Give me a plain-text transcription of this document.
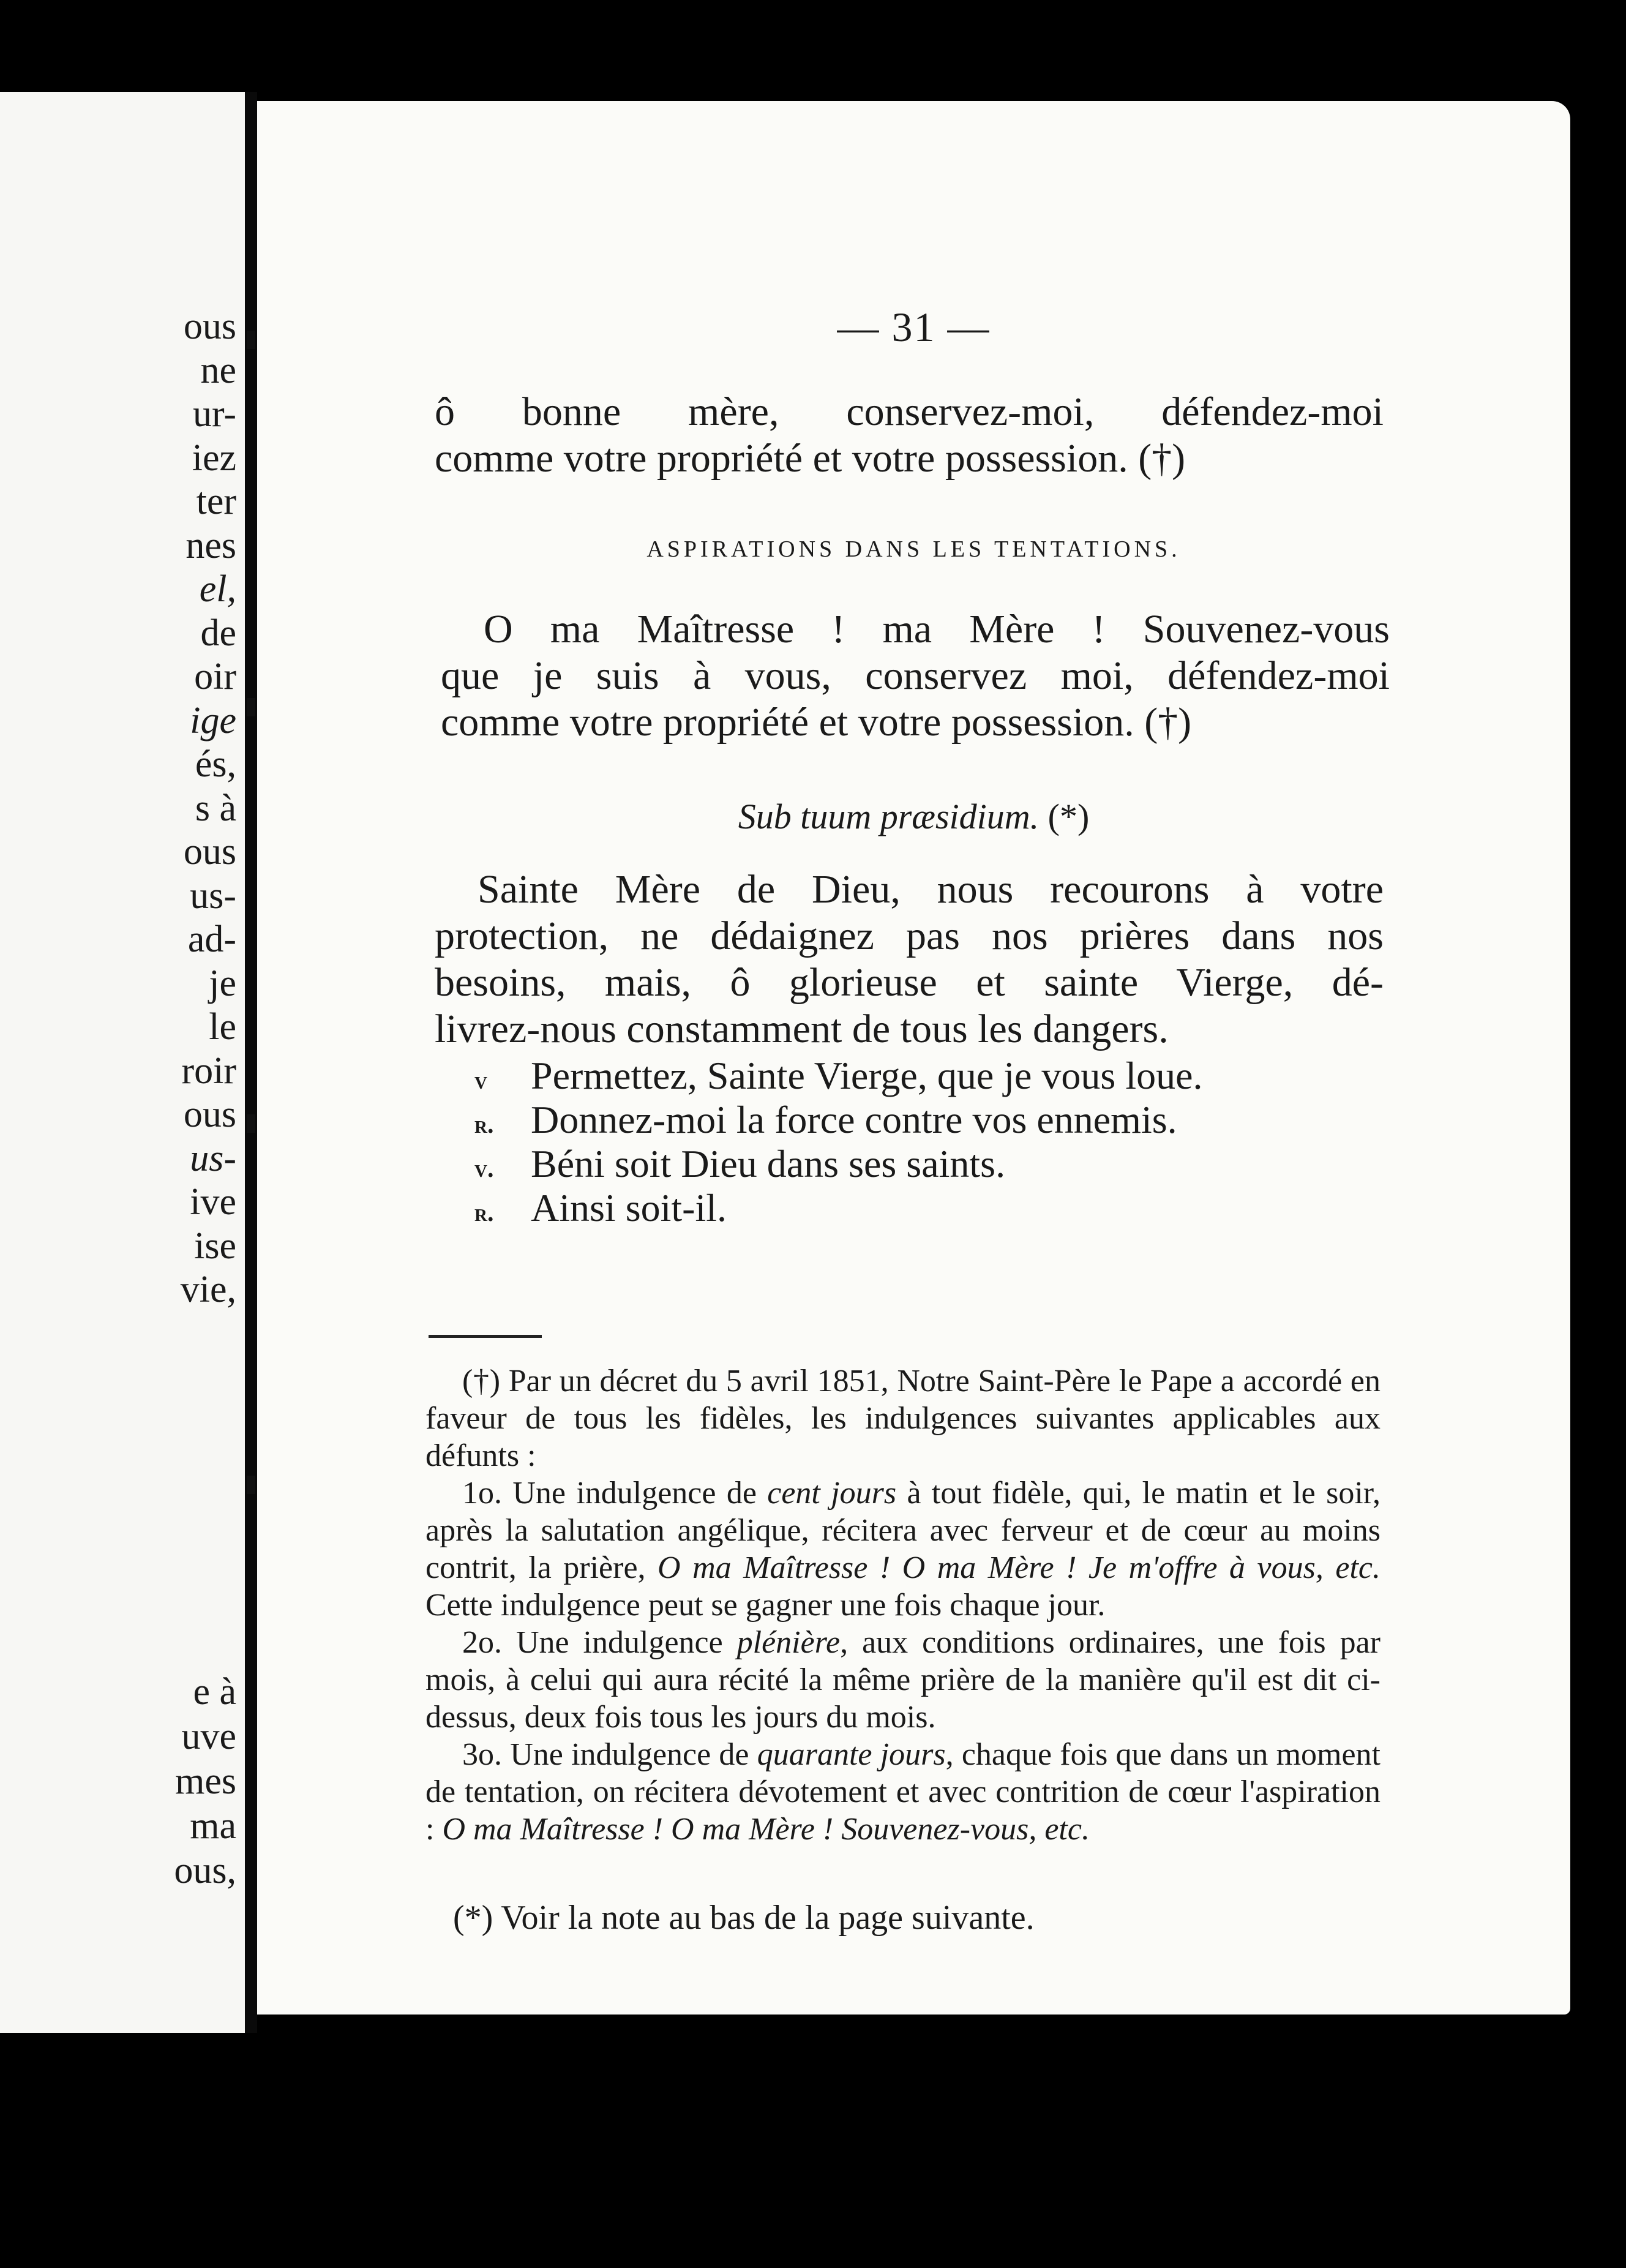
ous
ne
ur-
iez
ter
nes
el,
de
oir
ige
és,
s à
ous
us-
ad-
je
le
roir
ous
us-
ive
ise
vie,
e à
uve
mes
ma
ous,
— 31 —

ô bonne mère, conservez-moi, défendez-moi

comme votre propriété et votre possession. (†)

ASPIRATIONS DANS LES TENTATIONS.

O ma Maîtresse ! ma Mère ! Souvenez-vous

que je suis à vous, conservez moi, défendez-moi

comme votre propriété et votre possession. (†)

Sub tuum præsidium. (*)

Sainte Mère de Dieu, nous recourons à votre

protection, ne dédaignez pas nos prières dans nos

besoins, mais, ô glorieuse et sainte Vierge, dé-

livrez-nous constamment de tous les dangers.

v Permettez, Sainte Vierge, que je vous loue.
r. Donnez-moi la force contre vos ennemis.
v. Béni soit Dieu dans ses saints.
r. Ainsi soit-il.

(†) Par un décret du 5 avril 1851, Notre Saint-Père le Pape a accordé en faveur de tous les fidèles, les indulgences suivantes applicables aux défunts :

1o. Une indulgence de cent jours à tout fidèle, qui, le matin et le soir, après la salutation angélique, récitera avec ferveur et de cœur au moins contrit, la prière, O ma Maîtresse ! O ma Mère ! Je m'offre à vous, etc. Cette indulgence peut se gagner une fois chaque jour.

2o. Une indulgence plénière, aux conditions ordinaires, une fois par mois, à celui qui aura récité la même prière de la manière qu'il est dit ci-dessus, deux fois tous les jours du mois.

3o. Une indulgence de quarante jours, chaque fois que dans un moment de tentation, on récitera dévotement et avec contrition de cœur l'aspiration : O ma Maîtresse ! O ma Mère ! Souvenez-vous, etc.

(*) Voir la note au bas de la page suivante.
